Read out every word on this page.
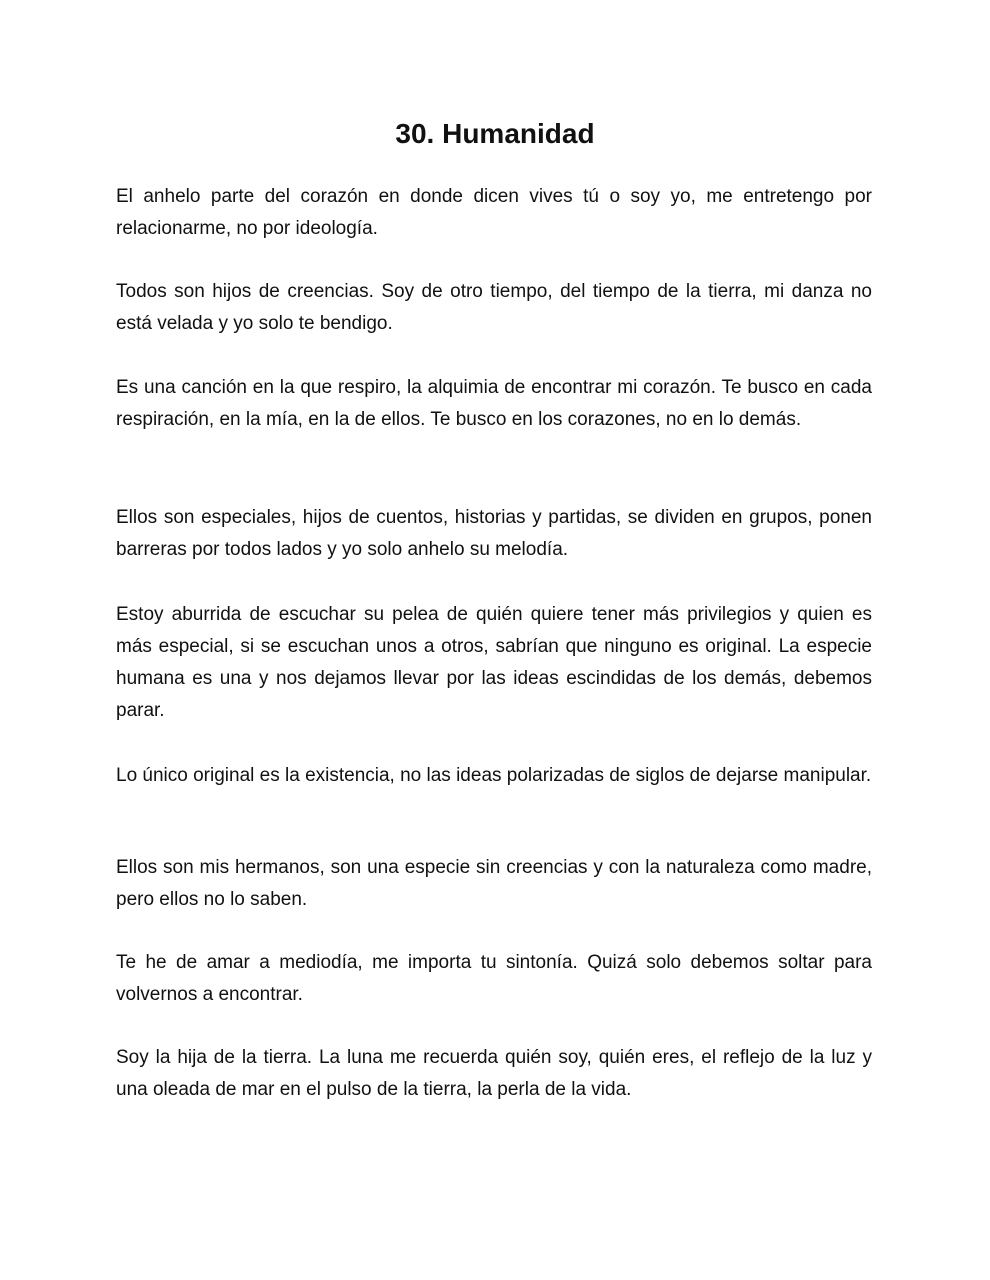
30. Humanidad

El anhelo parte del corazón en donde dicen vives tú o soy yo, me entretengo por relacionarme, no por ideología.

Todos son hijos de creencias. Soy de otro tiempo, del tiempo de la tierra, mi danza no está velada y yo solo te bendigo.

Es una canción en la que respiro, la alquimia de encontrar mi corazón. Te busco en cada respiración, en la mía, en la de ellos. Te busco en los corazones, no en lo demás.

Ellos son especiales, hijos de cuentos, historias y partidas, se dividen en grupos, ponen barreras por todos lados y yo solo anhelo su melodía.

Estoy aburrida de escuchar su pelea de quién quiere tener más privilegios y quien es más especial, si se escuchan unos a otros, sabrían que ninguno es original. La especie humana es una y nos dejamos llevar por las ideas escindidas de los demás, debemos parar.

Lo único original es la existencia, no las ideas polarizadas de siglos de dejarse manipular.

Ellos son mis hermanos, son una especie sin creencias y con la naturaleza como madre, pero ellos no lo saben.

Te he de amar a mediodía, me importa tu sintonía. Quizá solo debemos soltar para volvernos a encontrar.

Soy la hija de la tierra. La luna me recuerda quién soy, quién eres, el reflejo de la luz y una oleada de mar en el pulso de la tierra, la perla de la vida.
